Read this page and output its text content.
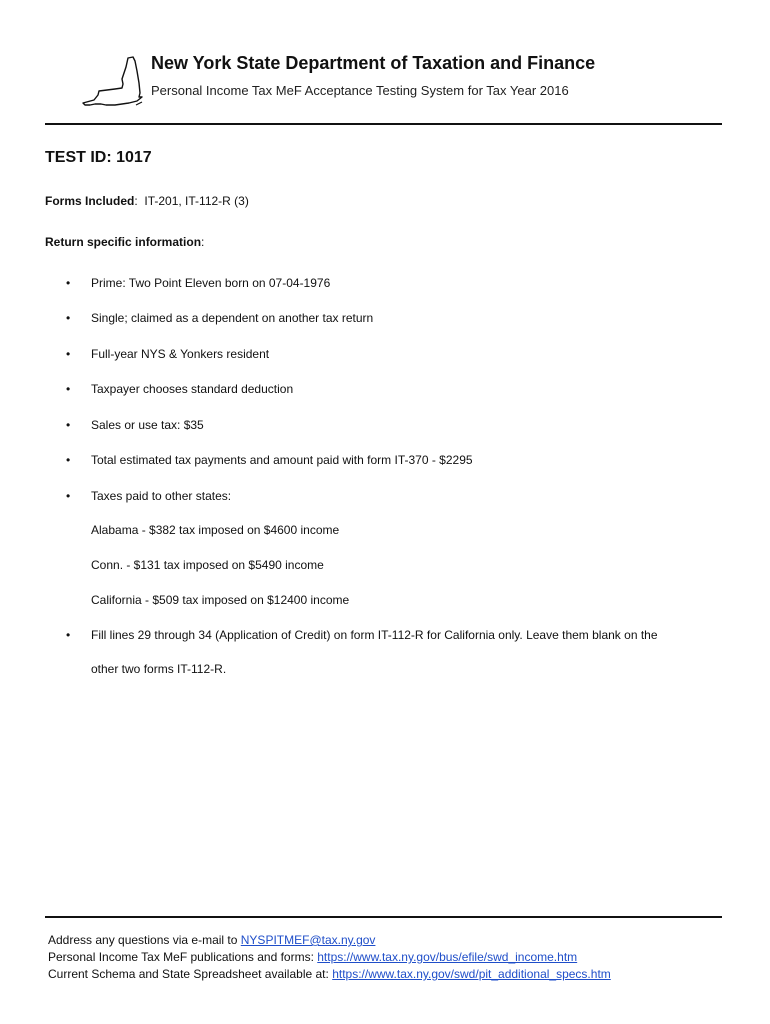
New York State Department of Taxation and Finance
Personal Income Tax MeF Acceptance Testing System for Tax Year 2016
TEST ID: 1017
Forms Included: IT-201, IT-112-R (3)
Return specific information:
• Prime: Two Point Eleven born on 07-04-1976
• Single; claimed as a dependent on another tax return
• Full-year NYS & Yonkers resident
• Taxpayer chooses standard deduction
• Sales or use tax: $35
• Total estimated tax payments and amount paid with form IT-370 - $2295
• Taxes paid to other states:
Alabama - $382 tax imposed on $4600 income
Conn. - $131 tax imposed on $5490 income
California - $509 tax imposed on $12400 income
• Fill lines 29 through 34 (Application of Credit) on form IT-112-R for California only. Leave them blank on the
other two forms IT-112-R.
Address any questions via e-mail to NYSPITMEF@tax.ny.gov
Personal Income Tax MeF publications and forms: https://www.tax.ny.gov/bus/efile/swd_income.htm
Current Schema and State Spreadsheet available at: https://www.tax.ny.gov/swd/pit_additional_specs.htm
